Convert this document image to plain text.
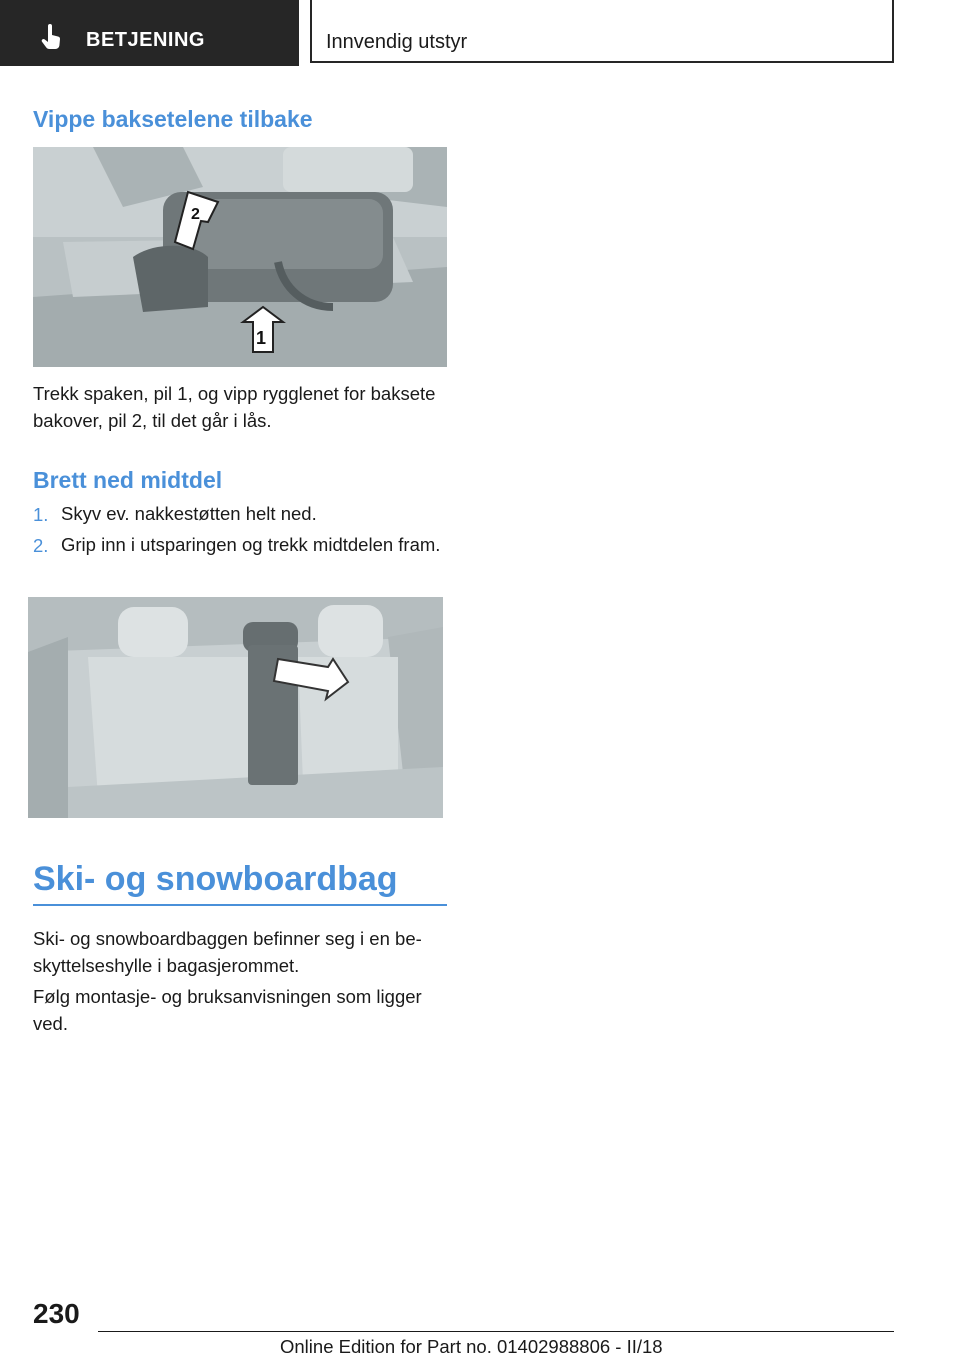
BETJENING	Innvendig utstyr
Vippe baksetelene tilbake
1
2
Trekk spaken, pil 1, og vipp rygglenet for baksete bakover, pil 2, til det går i lås.
Brett ned midtdel
1. Skyv ev. nakkestøtten helt ned.
2. Grip inn i utsparingen og trekk midtdelen fram.
Ski- og snowboardbag
Ski- og snowboardbaggen befinner seg i en be‐skyttelseshylle i bagasjerommet.
Følg montasje- og bruksanvisningen som ligger ved.
230
Online Edition for Part no. 01402988806 - II/18
